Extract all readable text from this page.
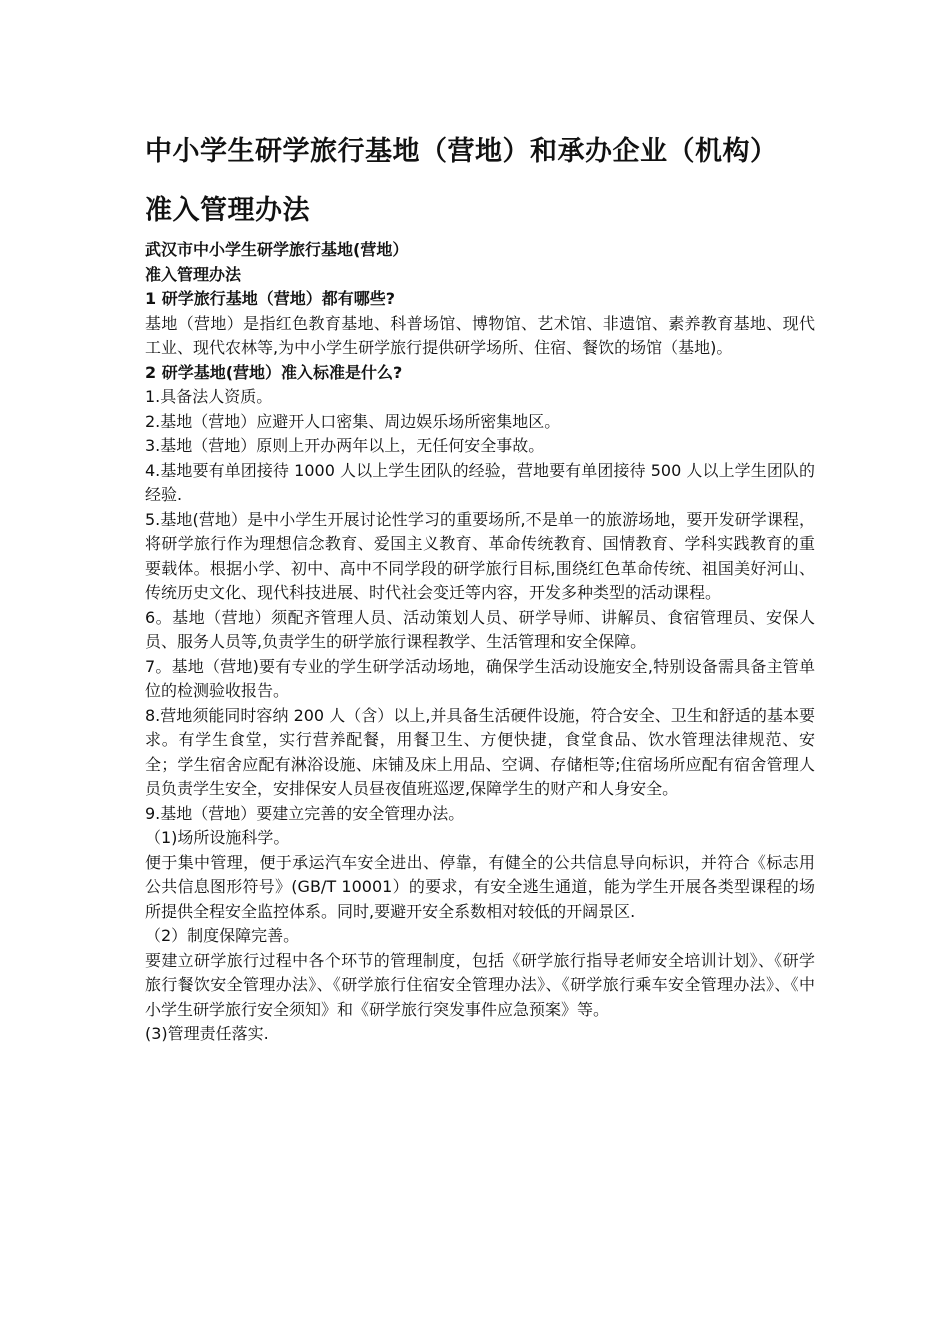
中小学生研学旅行基地（营地）和承办企业（机构）
准入管理办法

武汉市中小学生研学旅行基地(营地）

准入管理办法

1 研学旅行基地（营地）都有哪些?

基地（营地）是指红色教育基地、科普场馆、博物馆、艺术馆、非遗馆、素养教育基地、现代工业、现代农林等,为中小学生研学旅行提供研学场所、住宿、餐饮的场馆（基地)。

2 研学基地(营地）准入标准是什么?

1.具备法人资质。

2.基地（营地）应避开人口密集、周边娱乐场所密集地区。

3.基地（营地）原则上开办两年以上，无任何安全事故。

4.基地要有单团接待 1000 人以上学生团队的经验，营地要有单团接待 500 人以上学生团队的经验.

5.基地(营地）是中小学生开展讨论性学习的重要场所,不是单一的旅游场地，要开发研学课程，将研学旅行作为理想信念教育、爱国主义教育、革命传统教育、国情教育、学科实践教育的重要载体。根据小学、初中、高中不同学段的研学旅行目标,围绕红色革命传统、祖国美好河山、传统历史文化、现代科技进展、时代社会变迁等内容，开发多种类型的活动课程。

6。基地（营地）须配齐管理人员、活动策划人员、研学导师、讲解员、食宿管理员、安保人员、服务人员等,负责学生的研学旅行课程教学、生活管理和安全保障。

7。基地（营地)要有专业的学生研学活动场地，确保学生活动设施安全,特别设备需具备主管单位的检测验收报告。

8.营地须能同时容纳 200 人（含）以上,并具备生活硬件设施，符合安全、卫生和舒适的基本要求。有学生食堂，实行营养配餐，用餐卫生、方便快捷，食堂食品、饮水管理法律规范、安全；学生宿舍应配有淋浴设施、床铺及床上用品、空调、存储柜等;住宿场所应配有宿舍管理人员负责学生安全，安排保安人员昼夜值班巡逻,保障学生的财产和人身安全。

9.基地（营地）要建立完善的安全管理办法。

（1)场所设施科学。

便于集中管理，便于承运汽车安全进出、停靠，有健全的公共信息导向标识，并符合《标志用公共信息图形符号》(GB/T 10001）的要求，有安全逃生通道，能为学生开展各类型课程的场所提供全程安全监控体系。同时,要避开安全系数相对较低的开阔景区.

（2）制度保障完善。

要建立研学旅行过程中各个环节的管理制度，包括《研学旅行指导老师安全培训计划》、《研学旅行餐饮安全管理办法》、《研学旅行住宿安全管理办法》、《研学旅行乘车安全管理办法》、《中小学生研学旅行安全须知》和《研学旅行突发事件应急预案》等。

(3)管理责任落实.
